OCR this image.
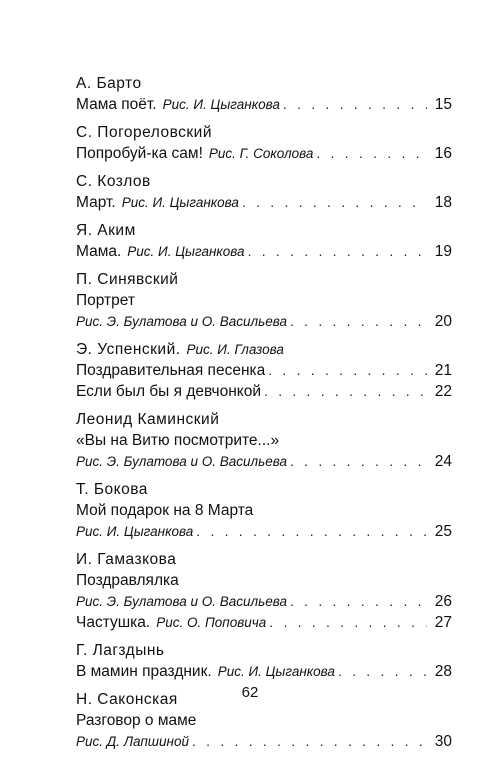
А. Барто
Мама поёт. Рис. И. Цыганкова . . .	15
С. Погореловский
Попробуй-ка сам! Рис. Г. Соколова . . .	16
С. Козлов
Март. Рис. И. Цыганкова . . .	18
Я. Аким
Мама. Рис. И. Цыганкова . . .	19
П. Синявский
Портрет
Рис. Э. Булатова и О. Васильева . . .	20
Э. Успенский. Рис. И. Глазова
Поздравительная песенка . . .	21
Если был бы я девчонкой . . .	22
Леонид Каминский
«Вы на Витю посмотрите...»
Рис. Э. Булатова и О. Васильева . . .	24
Т. Бокова
Мой подарок на 8 Марта
Рис. И. Цыганкова . . .	25
И. Гамазкова
Поздравлялка
Рис. Э. Булатова и О. Васильева . . .	26
Частушка. Рис. О. Поповича . . .	27
Г. Лагздынь
В мамин праздник. Рис. И. Цыганкова . . .	28
Н. Саконская
Разговор о маме
Рис. Д. Лапшиной . . .	30
62
